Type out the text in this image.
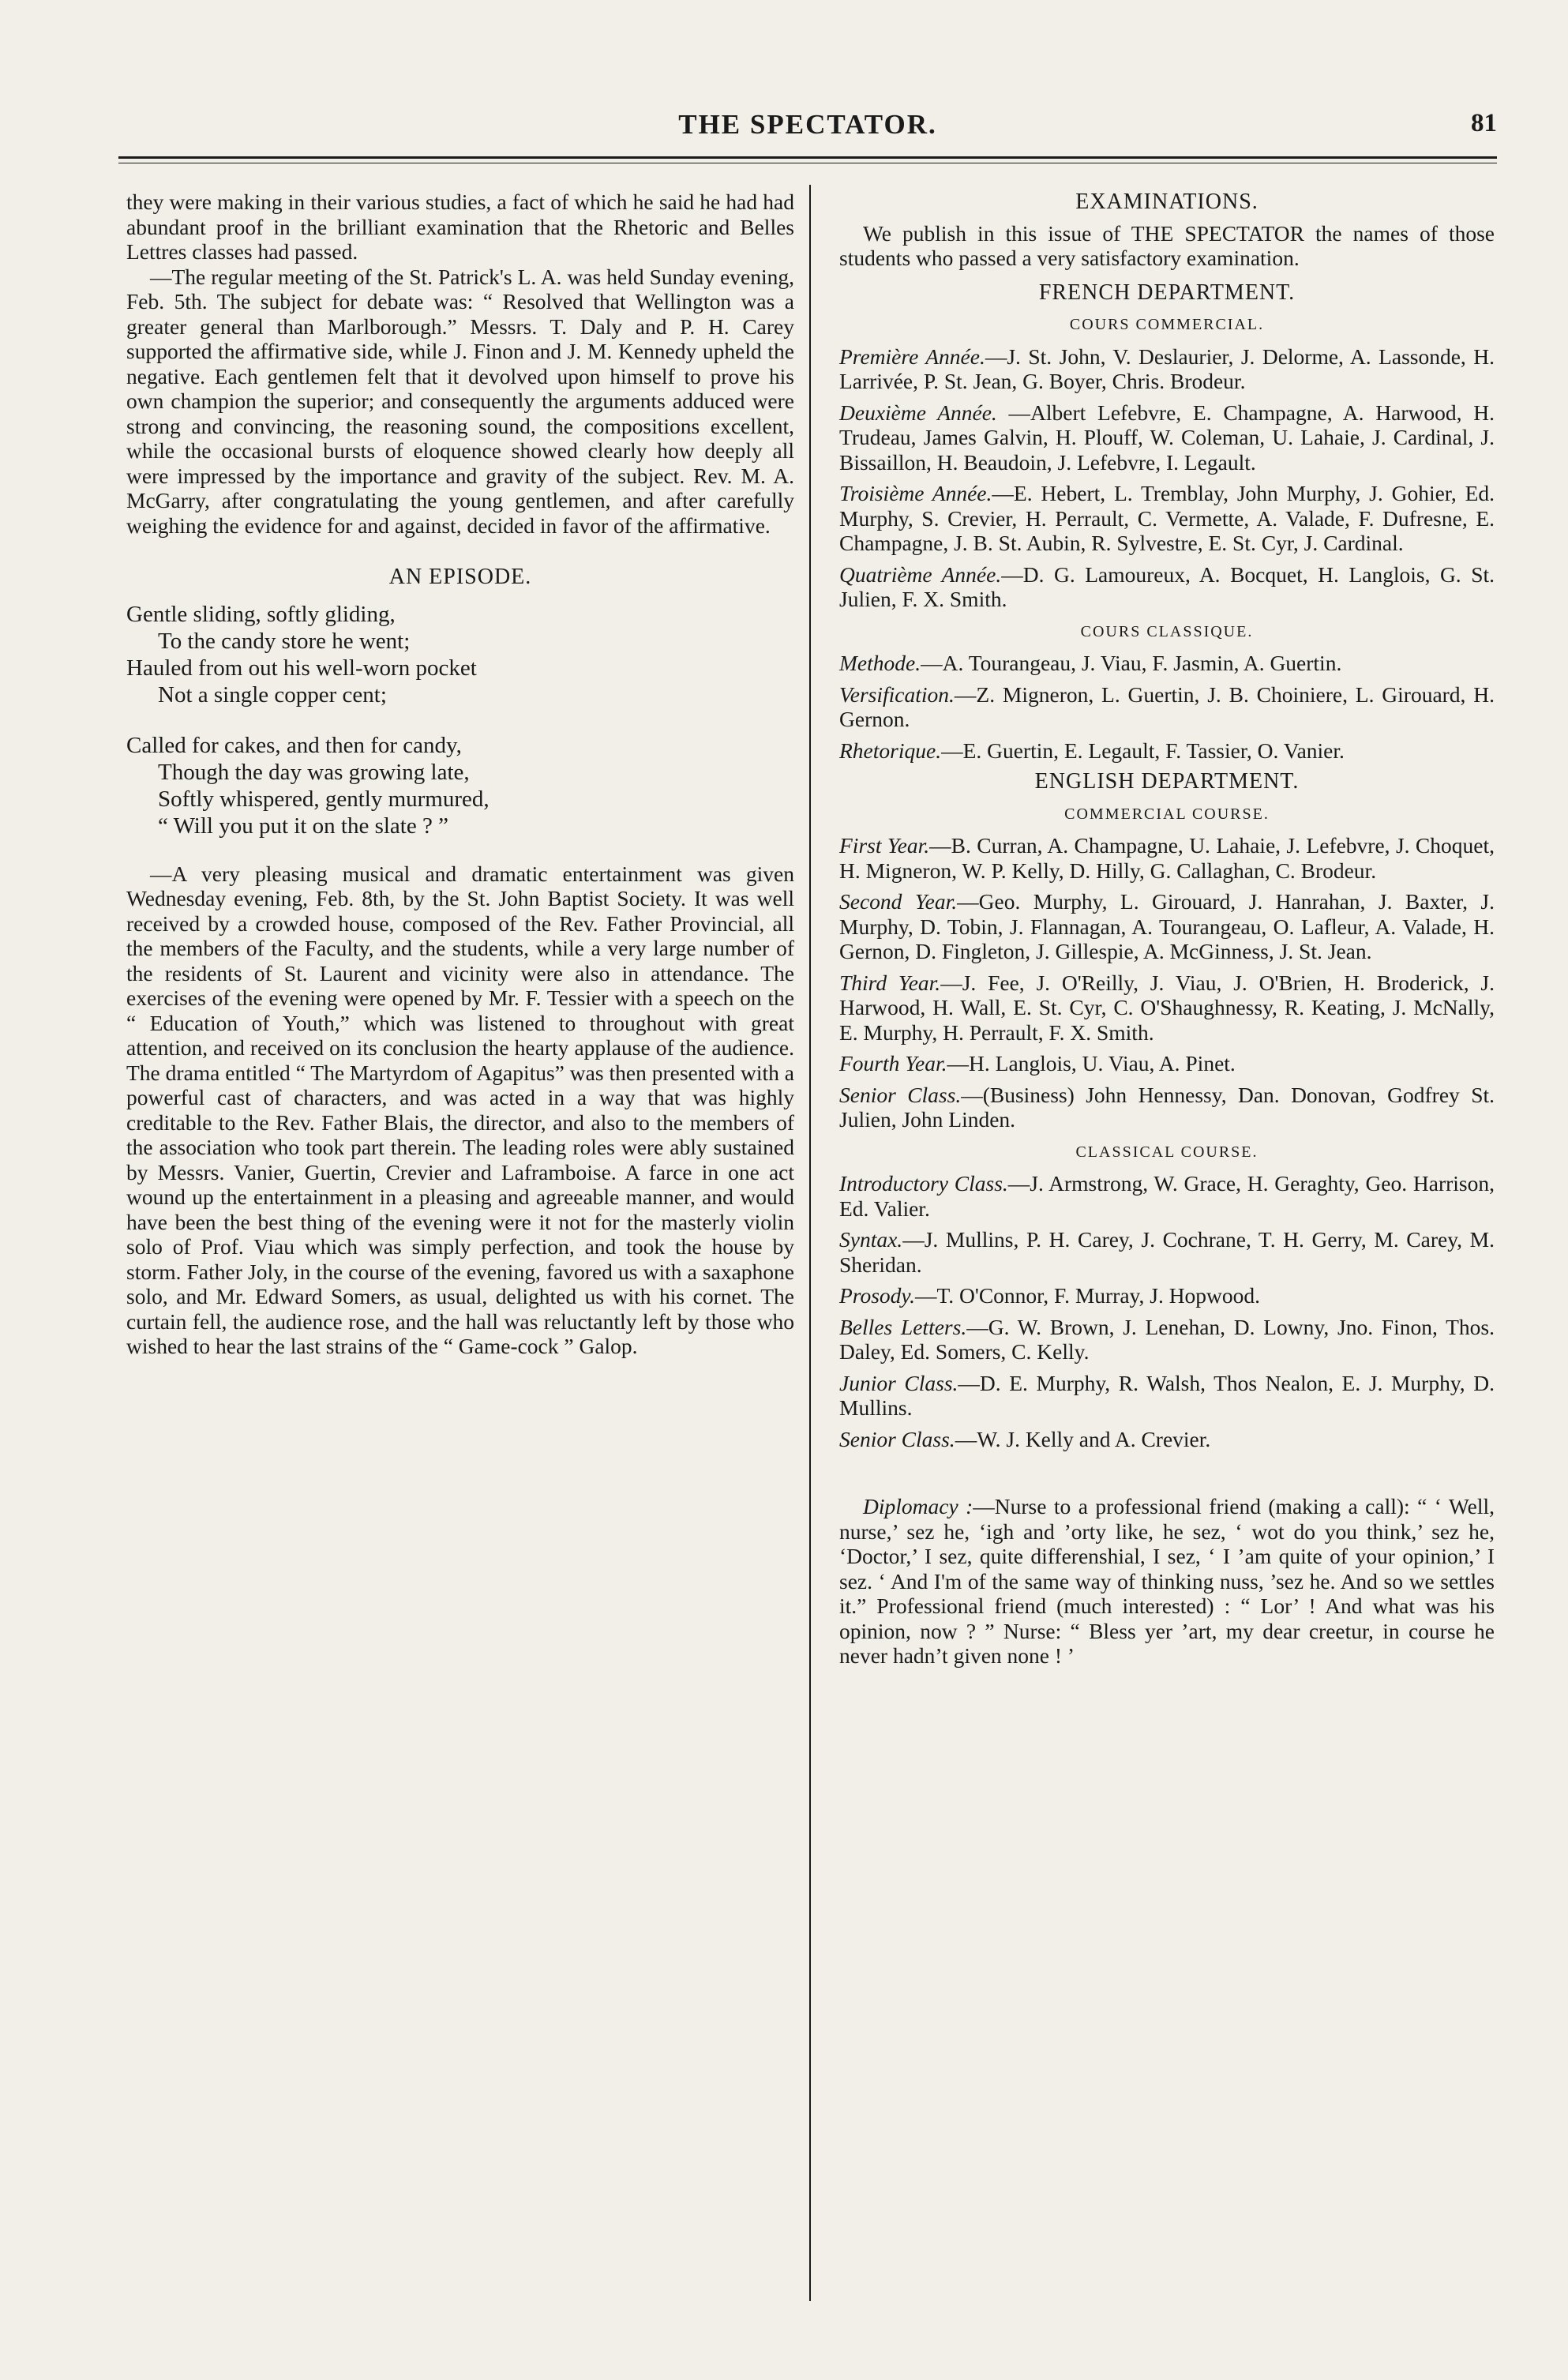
THE SPECTATOR.	81

they were making in their various studies, a fact of which he said he had had abundant proof in the brilliant examination that the Rhetoric and Belles Lettres classes had passed.

—The regular meeting of the St. Patrick's L. A. was held Sunday evening, Feb. 5th. The subject for debate was: “ Resolved that Wellington was a greater general than Marlborough.” Messrs. T. Daly and P. H. Carey supported the affirmative side, while J. Finon and J. M. Kennedy upheld the negative. Each gentlemen felt that it devolved upon himself to prove his own champion the superior; and consequently the arguments adduced were strong and convincing, the reasoning sound, the compositions excellent, while the occasional bursts of eloquence showed clearly how deeply all were impressed by the importance and gravity of the subject. Rev. M. A. McGarry, after congratulating the young gentlemen, and after carefully weighing the evidence for and against, decided in favor of the affirmative.

AN EPISODE.
Gentle sliding, softly gliding,
To the candy store he went;
Hauled from out his well-worn pocket
Not a single copper cent;
Called for cakes, and then for candy,
Though the day was growing late,
Softly whispered, gently murmured,
“ Will you put it on the slate ? ”

—A very pleasing musical and dramatic entertainment was given Wednesday evening, Feb. 8th, by the St. John Baptist Society. It was well received by a crowded house, composed of the Rev. Father Provincial, all the members of the Faculty, and the students, while a very large number of the residents of St. Laurent and vicinity were also in attendance. The exercises of the evening were opened by Mr. F. Tessier with a speech on the “ Education of Youth,” which was listened to throughout with great attention, and received on its conclusion the hearty applause of the audience. The drama entitled “ The Martyrdom of Agapitus” was then presented with a powerful cast of characters, and was acted in a way that was highly creditable to the Rev. Father Blais, the director, and also to the members of the association who took part therein. The leading roles were ably sustained by Messrs. Vanier, Guertin, Crevier and Laframboise. A farce in one act wound up the entertainment in a pleasing and agreeable manner, and would have been the best thing of the evening were it not for the masterly violin solo of Prof. Viau which was simply perfection, and took the house by storm. Father Joly, in the course of the evening, favored us with a saxaphone solo, and Mr. Edward Somers, as usual, delighted us with his cornet. The curtain fell, the audience rose, and the hall was reluctantly left by those who wished to hear the last strains of the “ Game-cock ” Galop.

EXAMINATIONS.

We publish in this issue of THE SPECTATOR the names of those students who passed a very satisfactory examination.

FRENCH DEPARTMENT.
COURS COMMERCIAL.

Première Année.—J. St. John, V. Deslaurier, J. Delorme, A. Lassonde, H. Larrivée, P. St. Jean, G. Boyer, Chris. Brodeur.

Deuxième Année. —Albert Lefebvre, E. Champagne, A. Harwood, H. Trudeau, James Galvin, H. Plouff, W. Coleman, U. Lahaie, J. Cardinal, J. Bissaillon, H. Beaudoin, J. Lefebvre, I. Legault.

Troisième Année.—E. Hebert, L. Tremblay, John Murphy, J. Gohier, Ed. Murphy, S. Crevier, H. Perrault, C. Vermette, A. Valade, F. Dufresne, E. Champagne, J. B. St. Aubin, R. Sylvestre, E. St. Cyr, J. Cardinal.

Quatrième Année.—D. G. Lamoureux, A. Bocquet, H. Langlois, G. St. Julien, F. X. Smith.

COURS CLASSIQUE.

Methode.—A. Tourangeau, J. Viau, F. Jasmin, A. Guertin.

Versification.—Z. Migneron, L. Guertin, J. B. Choiniere, L. Girouard, H. Gernon.

Rhetorique.—E. Guertin, E. Legault, F. Tassier, O. Vanier.

ENGLISH DEPARTMENT.
COMMERCIAL COURSE.

First Year.—B. Curran, A. Champagne, U. Lahaie, J. Lefebvre, J. Choquet, H. Migneron, W. P. Kelly, D. Hilly, G. Callaghan, C. Brodeur.

Second Year.—Geo. Murphy, L. Girouard, J. Hanrahan, J. Baxter, J. Murphy, D. Tobin, J. Flannagan, A. Tourangeau, O. Lafleur, A. Valade, H. Gernon, D. Fingleton, J. Gillespie, A. McGinness, J. St. Jean.

Third Year.—J. Fee, J. O'Reilly, J. Viau, J. O'Brien, H. Broderick, J. Harwood, H. Wall, E. St. Cyr, C. O'Shaughnessy, R. Keating, J. McNally, E. Murphy, H. Perrault, F. X. Smith.

Fourth Year.—H. Langlois, U. Viau, A. Pinet.

Senior Class.—(Business) John Hennessy, Dan. Donovan, Godfrey St. Julien, John Linden.

CLASSICAL COURSE.

Introductory Class.—J. Armstrong, W. Grace, H. Geraghty, Geo. Harrison, Ed. Valier.

Syntax.—J. Mullins, P. H. Carey, J. Cochrane, T. H. Gerry, M. Carey, M. Sheridan.

Prosody.—T. O'Connor, F. Murray, J. Hopwood.

Belles Letters.—G. W. Brown, J. Lenehan, D. Lowny, Jno. Finon, Thos. Daley, Ed. Somers, C. Kelly.

Junior Class.—D. E. Murphy, R. Walsh, Thos Nealon, E. J. Murphy, D. Mullins.

Senior Class.—W. J. Kelly and A. Crevier.

Diplomacy :—Nurse to a professional friend (making a call): “ ‘ Well, nurse,’ sez he, ‘igh and ’orty like, he sez, ‘ wot do you think,’ sez he, ‘Doctor,’ I sez, quite differenshial, I sez, ‘ I ’am quite of your opinion,’ I sez. ‘ And I'm of the same way of thinking nuss, ’sez he. And so we settles it.” Professional friend (much interested) : “ Lor’ ! And what was his opinion, now ? ” Nurse: “ Bless yer ’art, my dear creetur, in course he never hadn’t given none ! ’
